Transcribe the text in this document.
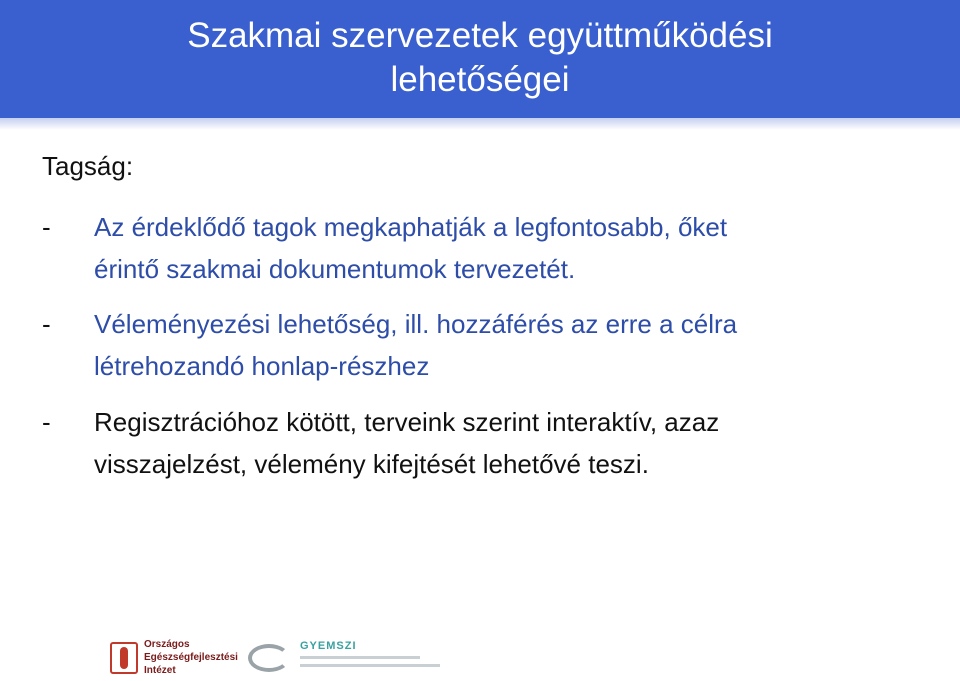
Szakmai szervezetek együttműködési
lehetőségei
Tagság:
- Az érdeklődő tagok megkaphatják a legfontosabb, őket
érintő szakmai dokumentumok tervezetét.
- Véleményezési lehetőség, ill. hozzáférés az erre a célra
létrehozandó honlap-részhez
- Regisztrációhoz kötött, terveink szerint interaktív, azaz
visszajelzést, vélemény kifejtését lehetővé teszi.
Országos
Egészségfejlesztési
Intézet
GYEMSZI
